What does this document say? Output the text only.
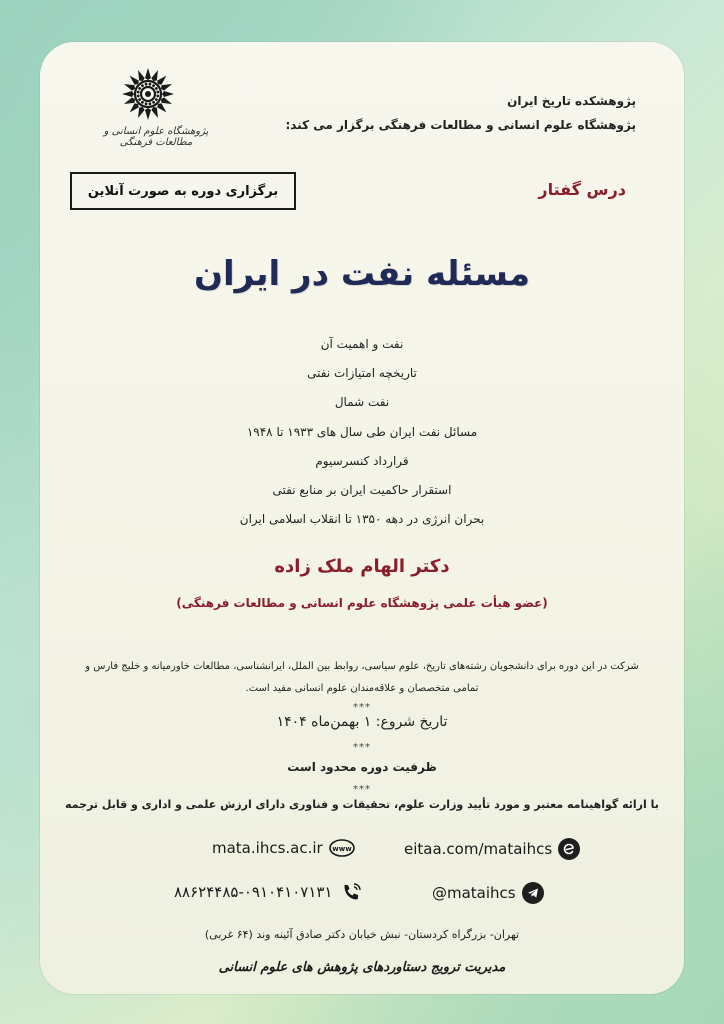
پژوهشگاه علوم انسانی و مطالعات فرهنگی
پژوهشکده تاریخ ایران
پژوهشگاه علوم انسانی و مطالعات فرهنگی برگزار می کند:
برگزاری دوره به صورت آنلاین	درس گفتار
مسئله نفت در ایران
نفت و اهمیت آن
تاریخچه امتیازات نفتی
نفت شمال
مسائل نفت ایران طی سال های ۱۹۳۳ تا ۱۹۴۸
قرارداد کنسرسیوم
استقرار حاکمیت ایران بر منابع نفتی
بحران انرژی در دهه ۱۳۵۰ تا انقلاب اسلامی ایران
دکتر الهام ملک زاده
(عضو هیأت علمی پژوهشگاه علوم انسانی و مطالعات فرهنگی)
شرکت در این دوره برای دانشجویان رشته‌های تاریخ، علوم سیاسی، روابط بین الملل، ایرانشناسی، مطالعات خاورمیانه و خلیج فارس و تمامی متخصصان و علاقه‌مندان علوم انسانی مفید است.
***
تاریخ شروع: ۱ بهمن‌ماه ۱۴۰۴
***
ظرفیت دوره محدود است
***
با ارائه گواهینامه معتبر و مورد تأیید وزارت علوم، تحقیقات و فناوری دارای ارزش علمی و اداری و قابل ترجمه
mata.ihcs.ac.ir www	eitaa.com/mataihcs
۸۸۶۲۴۴۸۵-۰۹۱۰۴۱۰۷۱۳۱	@mataihcs
تهران- بزرگراه کردستان- نبش خیابان دکتر صادق آئینه وند (۶۴ غربی)
مدیریت ترویج دستاوردهای پژوهش های علوم انسانی
